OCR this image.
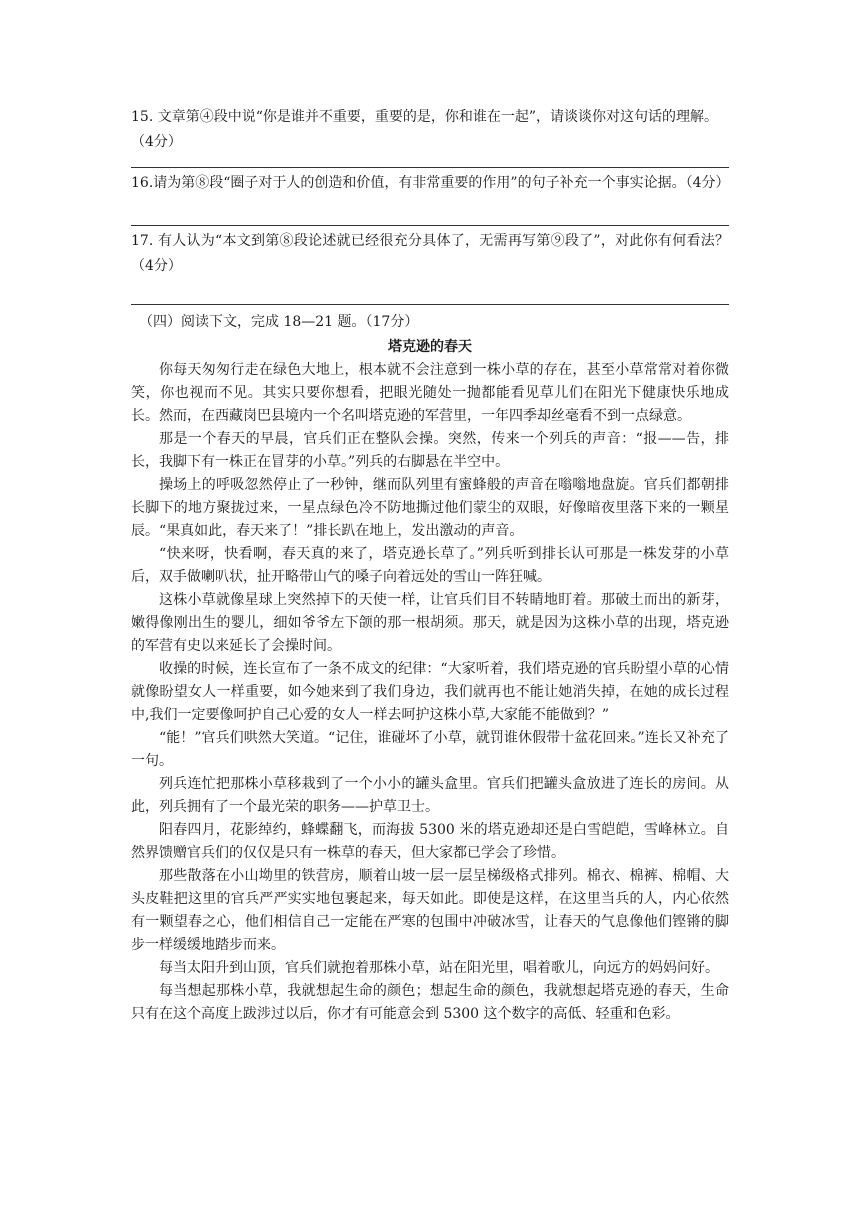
15. 文章第④段中说“你是谁并不重要，重要的是，你和谁在一起”，请谈谈你对这句话的理解。

（4分）

16.请为第⑧段“圈子对于人的创造和价值，有非常重要的作用”的句子补充一个事实论据。（4分）

17. 有人认为“本文到第⑧段论述就已经很充分具体了，无需再写第⑨段了”，对此你有何看法？（4分）

（四）阅读下文，完成 18—21 题。（17分）

塔克逊的春天

你每天匆匆行走在绿色大地上，根本就不会注意到一株小草的存在，甚至小草常常对着你微笑，你也视而不见。其实只要你想看，把眼光随处一抛都能看见草儿们在阳光下健康快乐地成长。然而，在西藏岗巴县境内一个名叫塔克逊的军营里，一年四季却丝毫看不到一点绿意。

那是一个春天的早晨，官兵们正在整队会操。突然，传来一个列兵的声音：“报——告，排长，我脚下有一株正在冒芽的小草。”列兵的右脚悬在半空中。

操场上的呼吸忽然停止了一秒钟，继而队列里有蜜蜂般的声音在嗡嗡地盘旋。官兵们都朝排长脚下的地方聚拢过来，一星点绿色冷不防地撕过他们蒙尘的双眼，好像暗夜里落下来的一颗星辰。“果真如此，春天来了！”排长趴在地上，发出激动的声音。

“快来呀，快看啊，春天真的来了，塔克逊长草了。”列兵听到排长认可那是一株发芽的小草后，双手做喇叭状，扯开略带山气的嗓子向着远处的雪山一阵狂喊。

这株小草就像星球上突然掉下的天使一样，让官兵们目不转睛地盯着。那破土而出的新芽，嫩得像刚出生的婴儿，细如爷爷左下颌的那一根胡须。那天，就是因为这株小草的出现，塔克逊的军营有史以来延长了会操时间。

收操的时候，连长宣布了一条不成文的纪律：“大家听着，我们塔克逊的官兵盼望小草的心情就像盼望女人一样重要，如今她来到了我们身边，我们就再也不能让她消失掉，在她的成长过程中,我们一定要像呵护自己心爱的女人一样去呵护这株小草,大家能不能做到？”

“能！”官兵们哄然大笑道。“记住，谁碰坏了小草，就罚谁休假带十盆花回来。”连长又补充了一句。

列兵连忙把那株小草移栽到了一个小小的罐头盒里。官兵们把罐头盒放进了连长的房间。从此，列兵拥有了一个最光荣的职务——护草卫士。

阳春四月，花影绰约，蜂蝶翻飞，而海拔 5300 米的塔克逊却还是白雪皑皑，雪峰林立。自然界馈赠官兵们的仅仅是只有一株草的春天，但大家都已学会了珍惜。

那些散落在小山坳里的铁营房，顺着山坡一层一层呈梯级格式排列。棉衣、棉裤、棉帽、大头皮鞋把这里的官兵严严实实地包裹起来，每天如此。即使是这样，在这里当兵的人，内心依然有一颗望春之心，他们相信自己一定能在严寒的包围中冲破冰雪，让春天的气息像他们铿锵的脚步一样缓缓地踏步而来。

每当太阳升到山顶，官兵们就抱着那株小草，站在阳光里，唱着歌儿，向远方的妈妈问好。

每当想起那株小草，我就想起生命的颜色；想起生命的颜色，我就想起塔克逊的春天，生命只有在这个高度上跋涉过以后，你才有可能意会到 5300 这个数字的高低、轻重和色彩。
